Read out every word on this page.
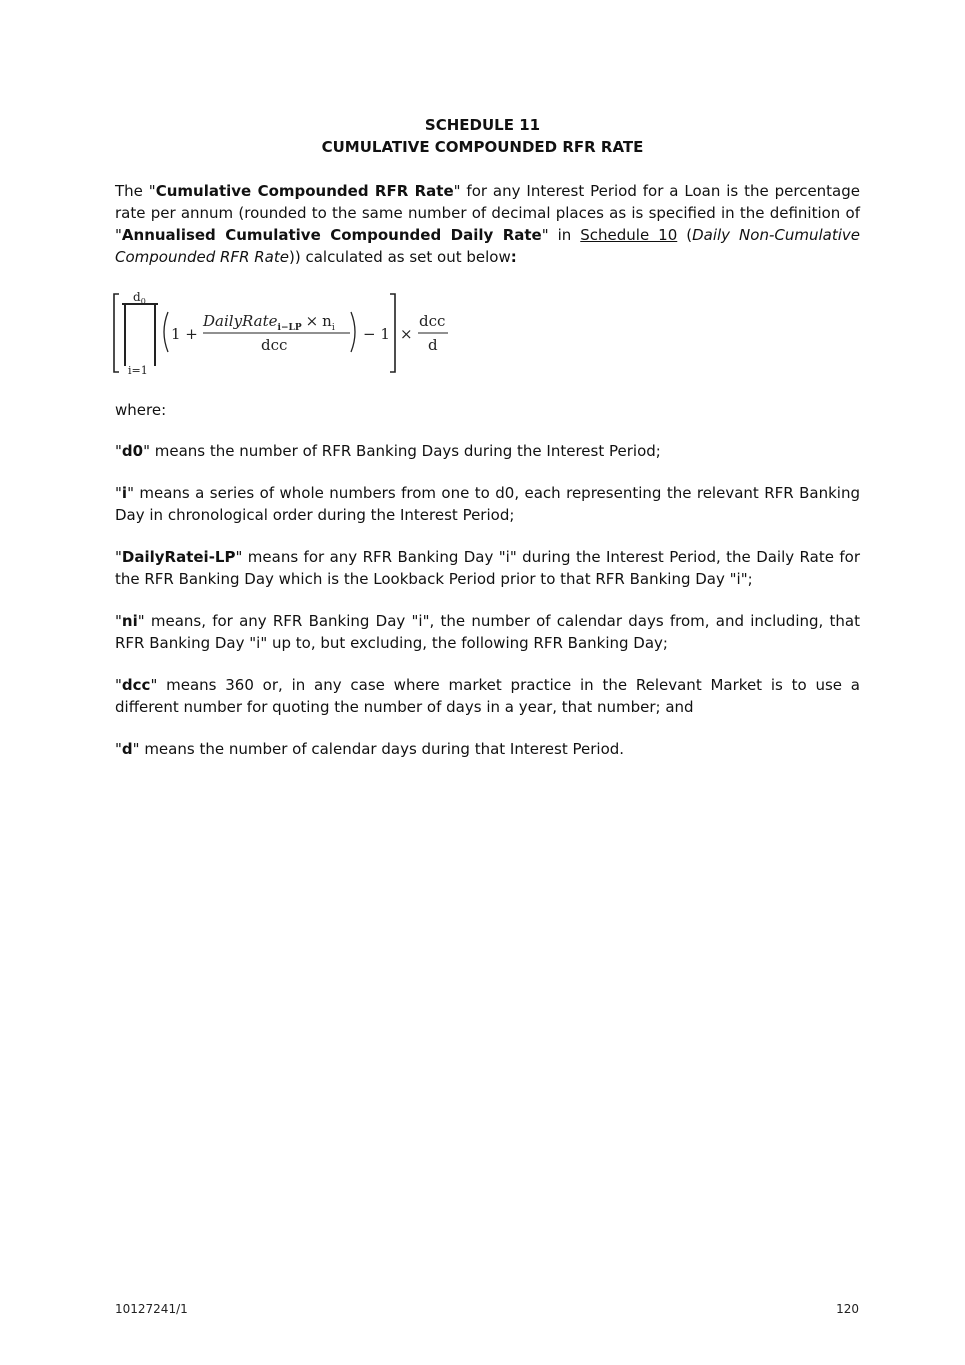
SCHEDULE 11
CUMULATIVE COMPOUNDED RFR RATE

The "Cumulative Compounded RFR Rate" for any Interest Period for a Loan is the percentage rate per annum (rounded to the same number of decimal places as is specified in the definition of "Annualised Cumulative Compounded Daily Rate" in Schedule 10 (Daily Non-Cumulative Compounded RFR Rate)) calculated as set out below:

$d_0$
i=1
1 +
DailyRate$_{i-LP}$ × $n_i$
dcc
− 1 ×
dcc
d

where:

"d0" means the number of RFR Banking Days during the Interest Period;

"i" means a series of whole numbers from one to d0, each representing the relevant RFR Banking Day in chronological order during the Interest Period;

"DailyRatei-LP" means for any RFR Banking Day "i" during the Interest Period, the Daily Rate for the RFR Banking Day which is the Lookback Period prior to that RFR Banking Day "i";

"ni" means, for any RFR Banking Day "i", the number of calendar days from, and including, that RFR Banking Day "i" up to, but excluding, the following RFR Banking Day;

"dcc" means 360 or, in any case where market practice in the Relevant Market is to use a different number for quoting the number of days in a year, that number; and

"d" means the number of calendar days during that Interest Period.

10127241/1	120
